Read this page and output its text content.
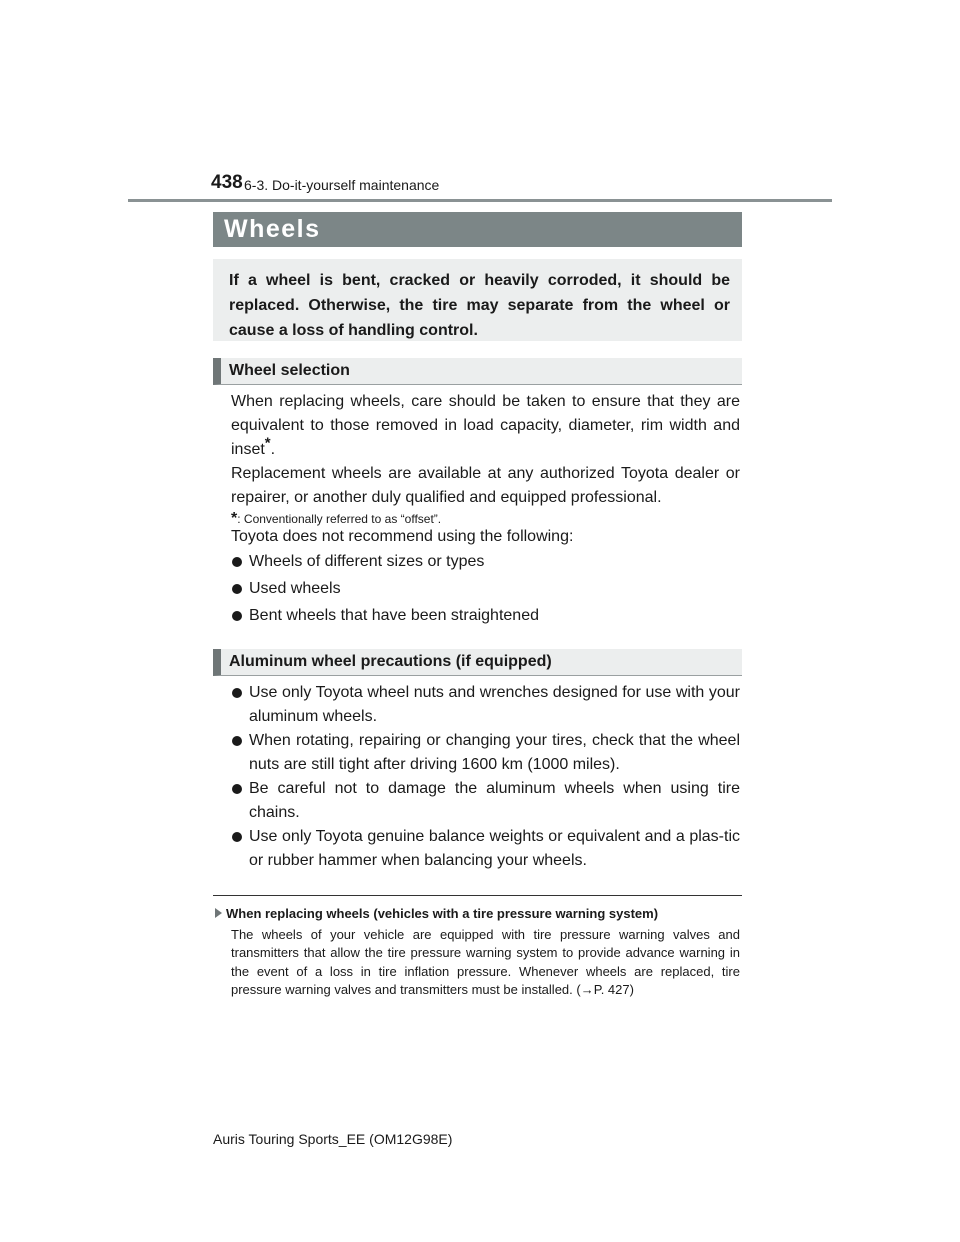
438 6-3. Do-it-yourself maintenance
Wheels
If a wheel is bent, cracked or heavily corroded, it should be replaced. Otherwise, the tire may separate from the wheel or cause a loss of handling control.
Wheel selection
When replacing wheels, care should be taken to ensure that they are equivalent to those removed in load capacity, diameter, rim width and inset*.
Replacement wheels are available at any authorized Toyota dealer or repairer, or another duly qualified and equipped professional.
*: Conventionally referred to as “offset”.
Toyota does not recommend using the following:
Wheels of different sizes or types
Used wheels
Bent wheels that have been straightened
Aluminum wheel precautions (if equipped)
Use only Toyota wheel nuts and wrenches designed for use with your aluminum wheels.
When rotating, repairing or changing your tires, check that the wheel nuts are still tight after driving 1600 km (1000 miles).
Be careful not to damage the aluminum wheels when using tire chains.
Use only Toyota genuine balance weights or equivalent and a plas-tic or rubber hammer when balancing your wheels.
When replacing wheels (vehicles with a tire pressure warning system)
The wheels of your vehicle are equipped with tire pressure warning valves and transmitters that allow the tire pressure warning system to provide advance warning in the event of a loss in tire inflation pressure. Whenever wheels are replaced, tire pressure warning valves and transmitters must be installed. (→P. 427)
Auris Touring Sports_EE (OM12G98E)
